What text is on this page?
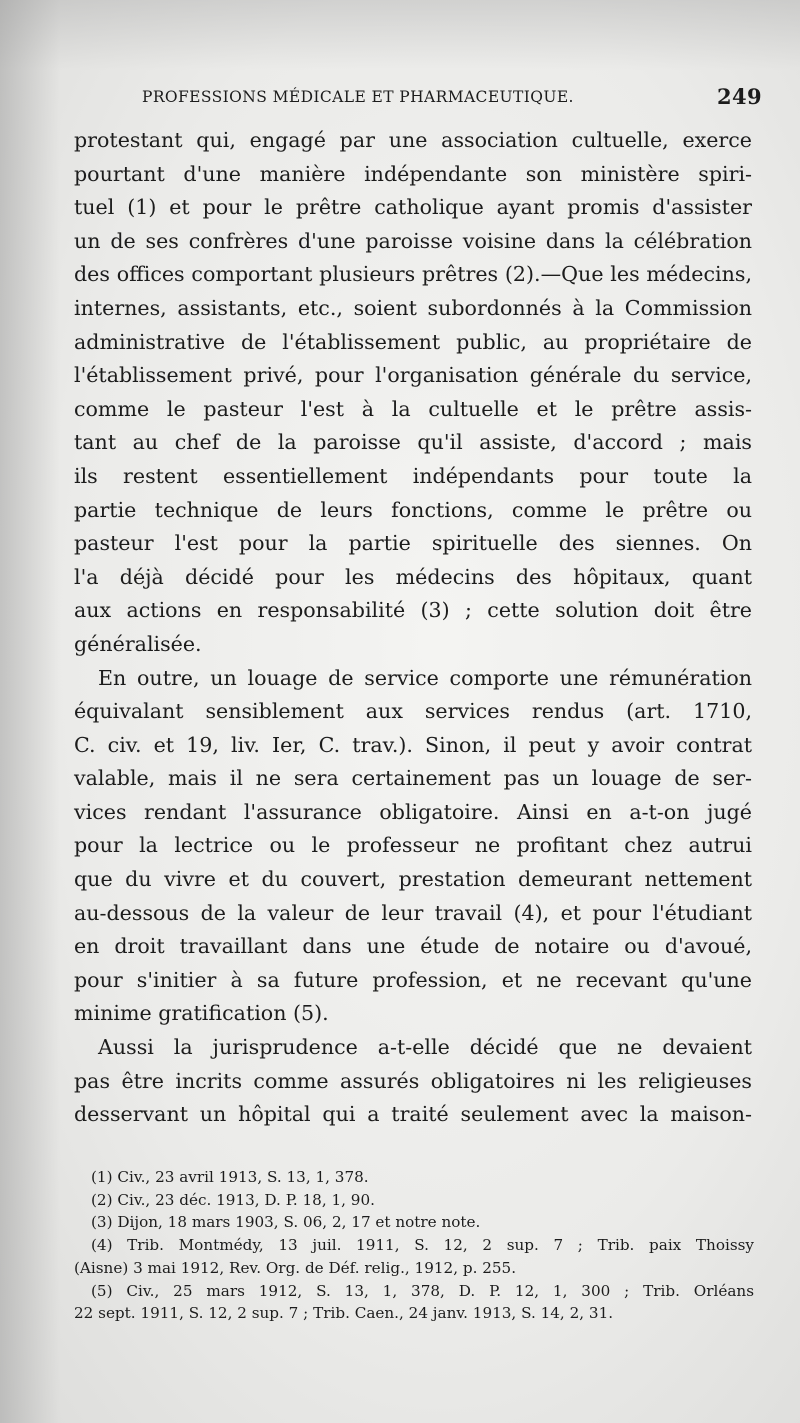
PROFESSIONS MÉDICALE ET PHARMACEUTIQUE.	249
protestant qui, engagé par une association cultuelle, exerce
pourtant d'une manière indépendante son ministère spiri-
tuel (1) et pour le prêtre catholique ayant promis d'assister
un de ses confrères d'une paroisse voisine dans la célébration
des offices comportant plusieurs prêtres (2).—Que les médecins,
internes, assistants, etc., soient subordonnés à la Commission
administrative de l'établissement public, au propriétaire de
l'établissement privé, pour l'organisation générale du service,
comme le pasteur l'est à la cultuelle et le prêtre assis-
tant au chef de la paroisse qu'il assiste, d'accord ; mais
ils restent essentiellement indépendants pour toute la
partie technique de leurs fonctions, comme le prêtre ou
pasteur l'est pour la partie spirituelle des siennes. On
l'a déjà décidé pour les médecins des hôpitaux, quant
aux actions en responsabilité (3) ; cette solution doit être
généralisée.
En outre, un louage de service comporte une rémunération
équivalant sensiblement aux services rendus (art. 1710,
C. civ. et 19, liv. Ier, C. trav.). Sinon, il peut y avoir contrat
valable, mais il ne sera certainement pas un louage de ser-
vices rendant l'assurance obligatoire. Ainsi en a-t-on jugé
pour la lectrice ou le professeur ne profitant chez autrui
que du vivre et du couvert, prestation demeurant nettement
au-dessous de la valeur de leur travail (4), et pour l'étudiant
en droit travaillant dans une étude de notaire ou d'avoué,
pour s'initier à sa future profession, et ne recevant qu'une
minime gratification (5).
Aussi la jurisprudence a-t-elle décidé que ne devaient
pas être incrits comme assurés obligatoires ni les religieuses
desservant un hôpital qui a traité seulement avec la maison-
(1) Civ., 23 avril 1913, S. 13, 1, 378.
(2) Civ., 23 déc. 1913, D. P. 18, 1, 90.
(3) Dijon, 18 mars 1903, S. 06, 2, 17 et notre note.
(4) Trib. Montmédy, 13 juil. 1911, S. 12, 2 sup. 7 ; Trib. paix Thoissy
(Aisne) 3 mai 1912, Rev. Org. de Déf. relig., 1912, p. 255.
(5) Civ., 25 mars 1912, S. 13, 1, 378, D. P. 12, 1, 300 ; Trib. Orléans
22 sept. 1911, S. 12, 2 sup. 7 ; Trib. Caen., 24 janv. 1913, S. 14, 2, 31.
